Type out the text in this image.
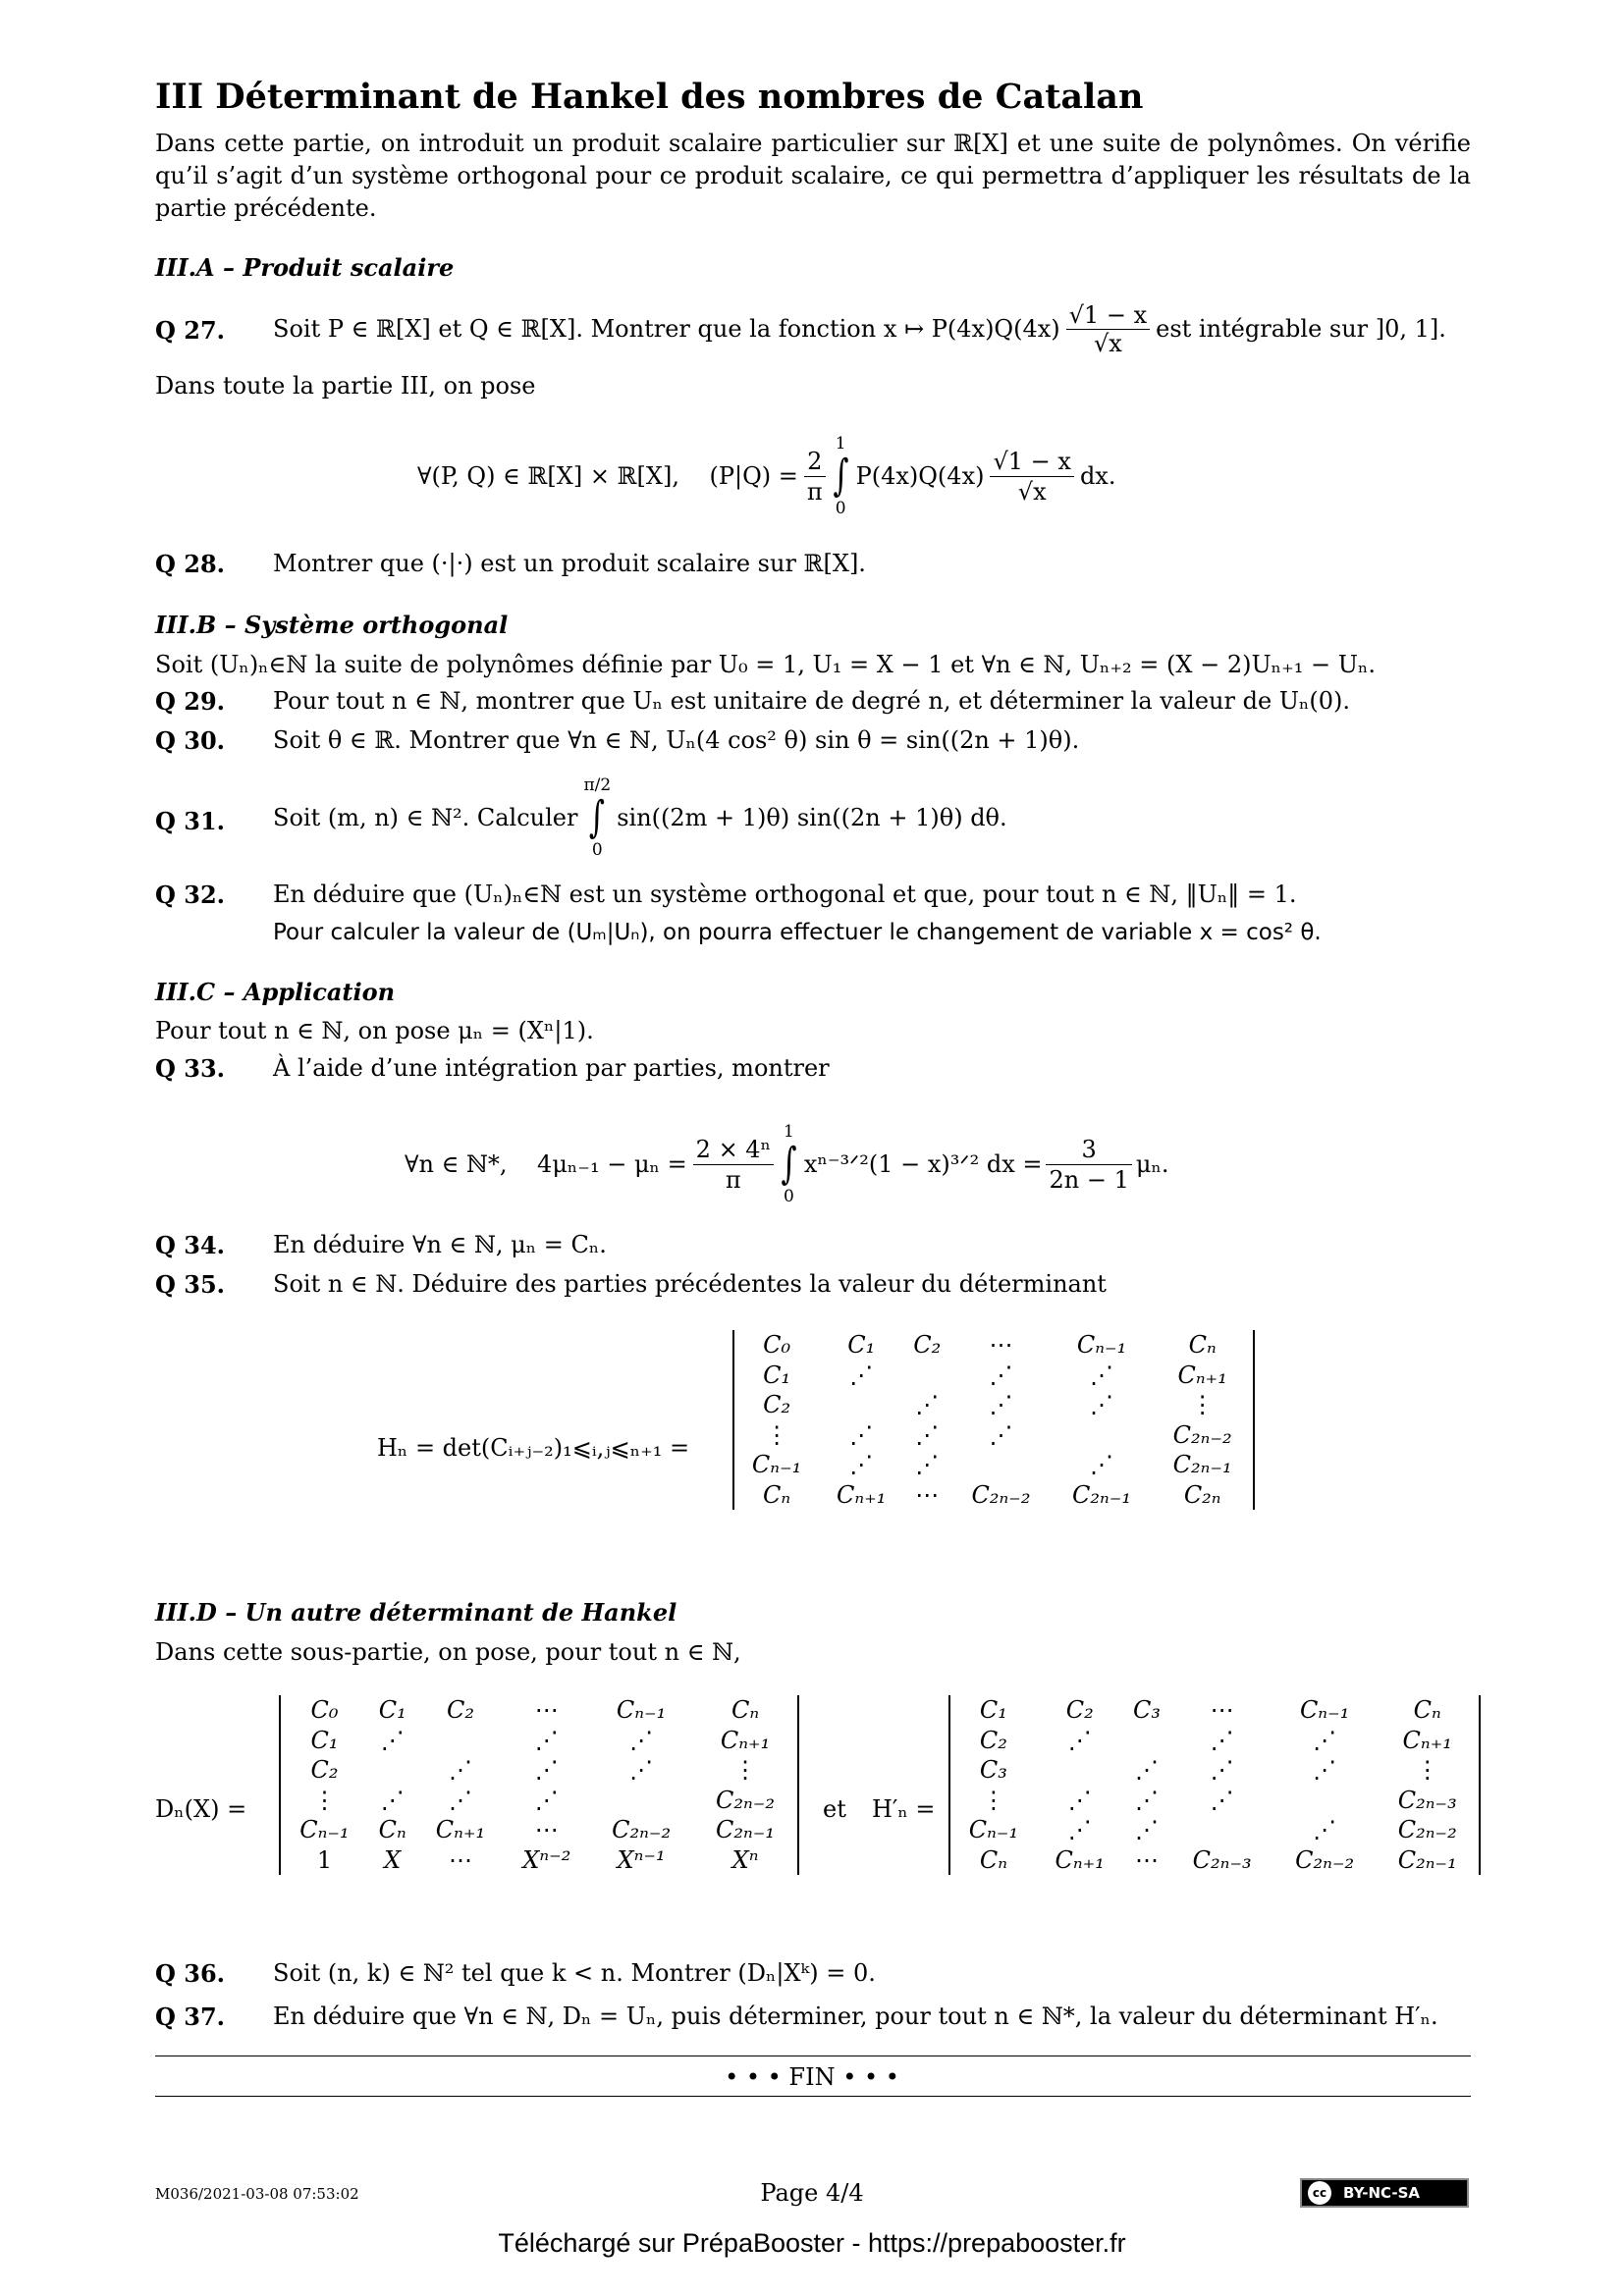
III Déterminant de Hankel des nombres de Catalan
Dans cette partie, on introduit un produit scalaire particulier sur ℝ[X] et une suite de polynômes. On vérifie qu’il s’agit d’un système orthogonal pour ce produit scalaire, ce qui permettra d’appliquer les résultats de la partie précédente.
III.A – Produit scalaire
Q 27. Soit P ∈ ℝ[X] et Q ∈ ℝ[X]. Montrer que la fonction x ↦ $P(4x)Q(4x) \frac{√1 - x}{√x}$ est intégrable sur ]0, 1].
Dans toute la partie III, on pose
∀(P, Q) ∈ ℝ[X] × ℝ[X],    $(P|Q) = \frac{2}{\pi}$
1
∫
0
$P(4x)Q(4x) \frac{√1 - x}{√x}$ dx.
Q 28. Montrer que (·|·) est un produit scalaire sur ℝ[X].
III.B – Système orthogonal
Soit (Uₙ)ₙ∈ℕ la suite de polynômes définie par U₀ = 1, U₁ = X − 1 et ∀n ∈ ℕ, Uₙ₊₂ = (X − 2)Uₙ₊₁ − Uₙ.
Q 29. Pour tout n ∈ ℕ, montrer que Uₙ est unitaire de degré n, et déterminer la valeur de Uₙ(0).
Q 30. Soit θ ∈ ℝ. Montrer que ∀n ∈ ℕ, Uₙ(4 cos² θ) sin θ = sin((2n + 1)θ).
Q 31. Soit (m, n) ∈ ℕ². Calculer
π/2
∫
0
sin((2m + 1)θ) sin((2n + 1)θ) dθ.
Q 32. En déduire que (Uₙ)ₙ∈ℕ est un système orthogonal et que, pour tout n ∈ ℕ, ‖Uₙ‖ = 1.
Pour calculer la valeur de (Uₘ|Uₙ), on pourra effectuer le changement de variable x = cos² θ.
III.C – Application
Pour tout n ∈ ℕ, on pose μₙ = (Xⁿ|1).
Q 33. À l’aide d’une intégration par parties, montrer
∀n ∈ ℕ*,    $4\mu_{n-1} - \mu_n = \frac{\text{2 × 4ⁿ}}{\pi}$
1
∫
0
xⁿ⁻³ᐟ²(1 − x)³ᐟ² dx = $\frac{3}{2n - 1} \mu_n$.
Q 34. En déduire ∀n ∈ ℕ, μₙ = Cₙ.
Q 35. Soit n ∈ ℕ. Déduire des parties précédentes la valeur du déterminant
Hₙ = det(Cᵢ₊ⱼ₋₂)₁⩽ᵢ,ⱼ⩽ₙ₊₁ =
C₀	C₁	C₂	⋯	Cₙ₋₁	Cₙ
C₁	⋰		⋰	⋰	Cₙ₊₁
C₂		⋰	⋰	⋰	⋮
⋮	⋰	⋰	⋰		C₂ₙ₋₂
Cₙ₋₁	⋰	⋰		⋰	C₂ₙ₋₁
Cₙ	Cₙ₊₁	⋯	C₂ₙ₋₂	C₂ₙ₋₁	C₂ₙ
III.D – Un autre déterminant de Hankel
Dans cette sous-partie, on pose, pour tout n ∈ ℕ,
Dₙ(X) =
C₀	C₁	C₂	⋯	Cₙ₋₁	Cₙ
C₁	⋰		⋰	⋰	Cₙ₊₁
C₂		⋰	⋰	⋰	⋮
⋮	⋰	⋰	⋰		C₂ₙ₋₂
Cₙ₋₁	Cₙ	Cₙ₊₁	⋯	C₂ₙ₋₂	C₂ₙ₋₁
1	X	⋯	Xⁿ⁻²	Xⁿ⁻¹	Xⁿ
et H′ₙ =
C₁	C₂	C₃	⋯	Cₙ₋₁	Cₙ
C₂	⋰		⋰	⋰	Cₙ₊₁
C₃		⋰	⋰	⋰	⋮
⋮	⋰	⋰	⋰		C₂ₙ₋₃
Cₙ₋₁	⋰	⋰		⋰	C₂ₙ₋₂
Cₙ	Cₙ₊₁	⋯	C₂ₙ₋₃	C₂ₙ₋₂	C₂ₙ₋₁
Q 36. Soit (n, k) ∈ ℕ² tel que k < n. Montrer (Dₙ|Xᵏ) = 0.
Q 37. En déduire que ∀n ∈ ℕ, Dₙ = Uₙ, puis déterminer, pour tout n ∈ ℕ*, la valeur du déterminant H′ₙ.
• • • FIN • • •
M036/2021-03-08 07:53:02	Page 4/4	cc	BY-NC-SA
Téléchargé sur PrépaBooster - https://prepabooster.fr
